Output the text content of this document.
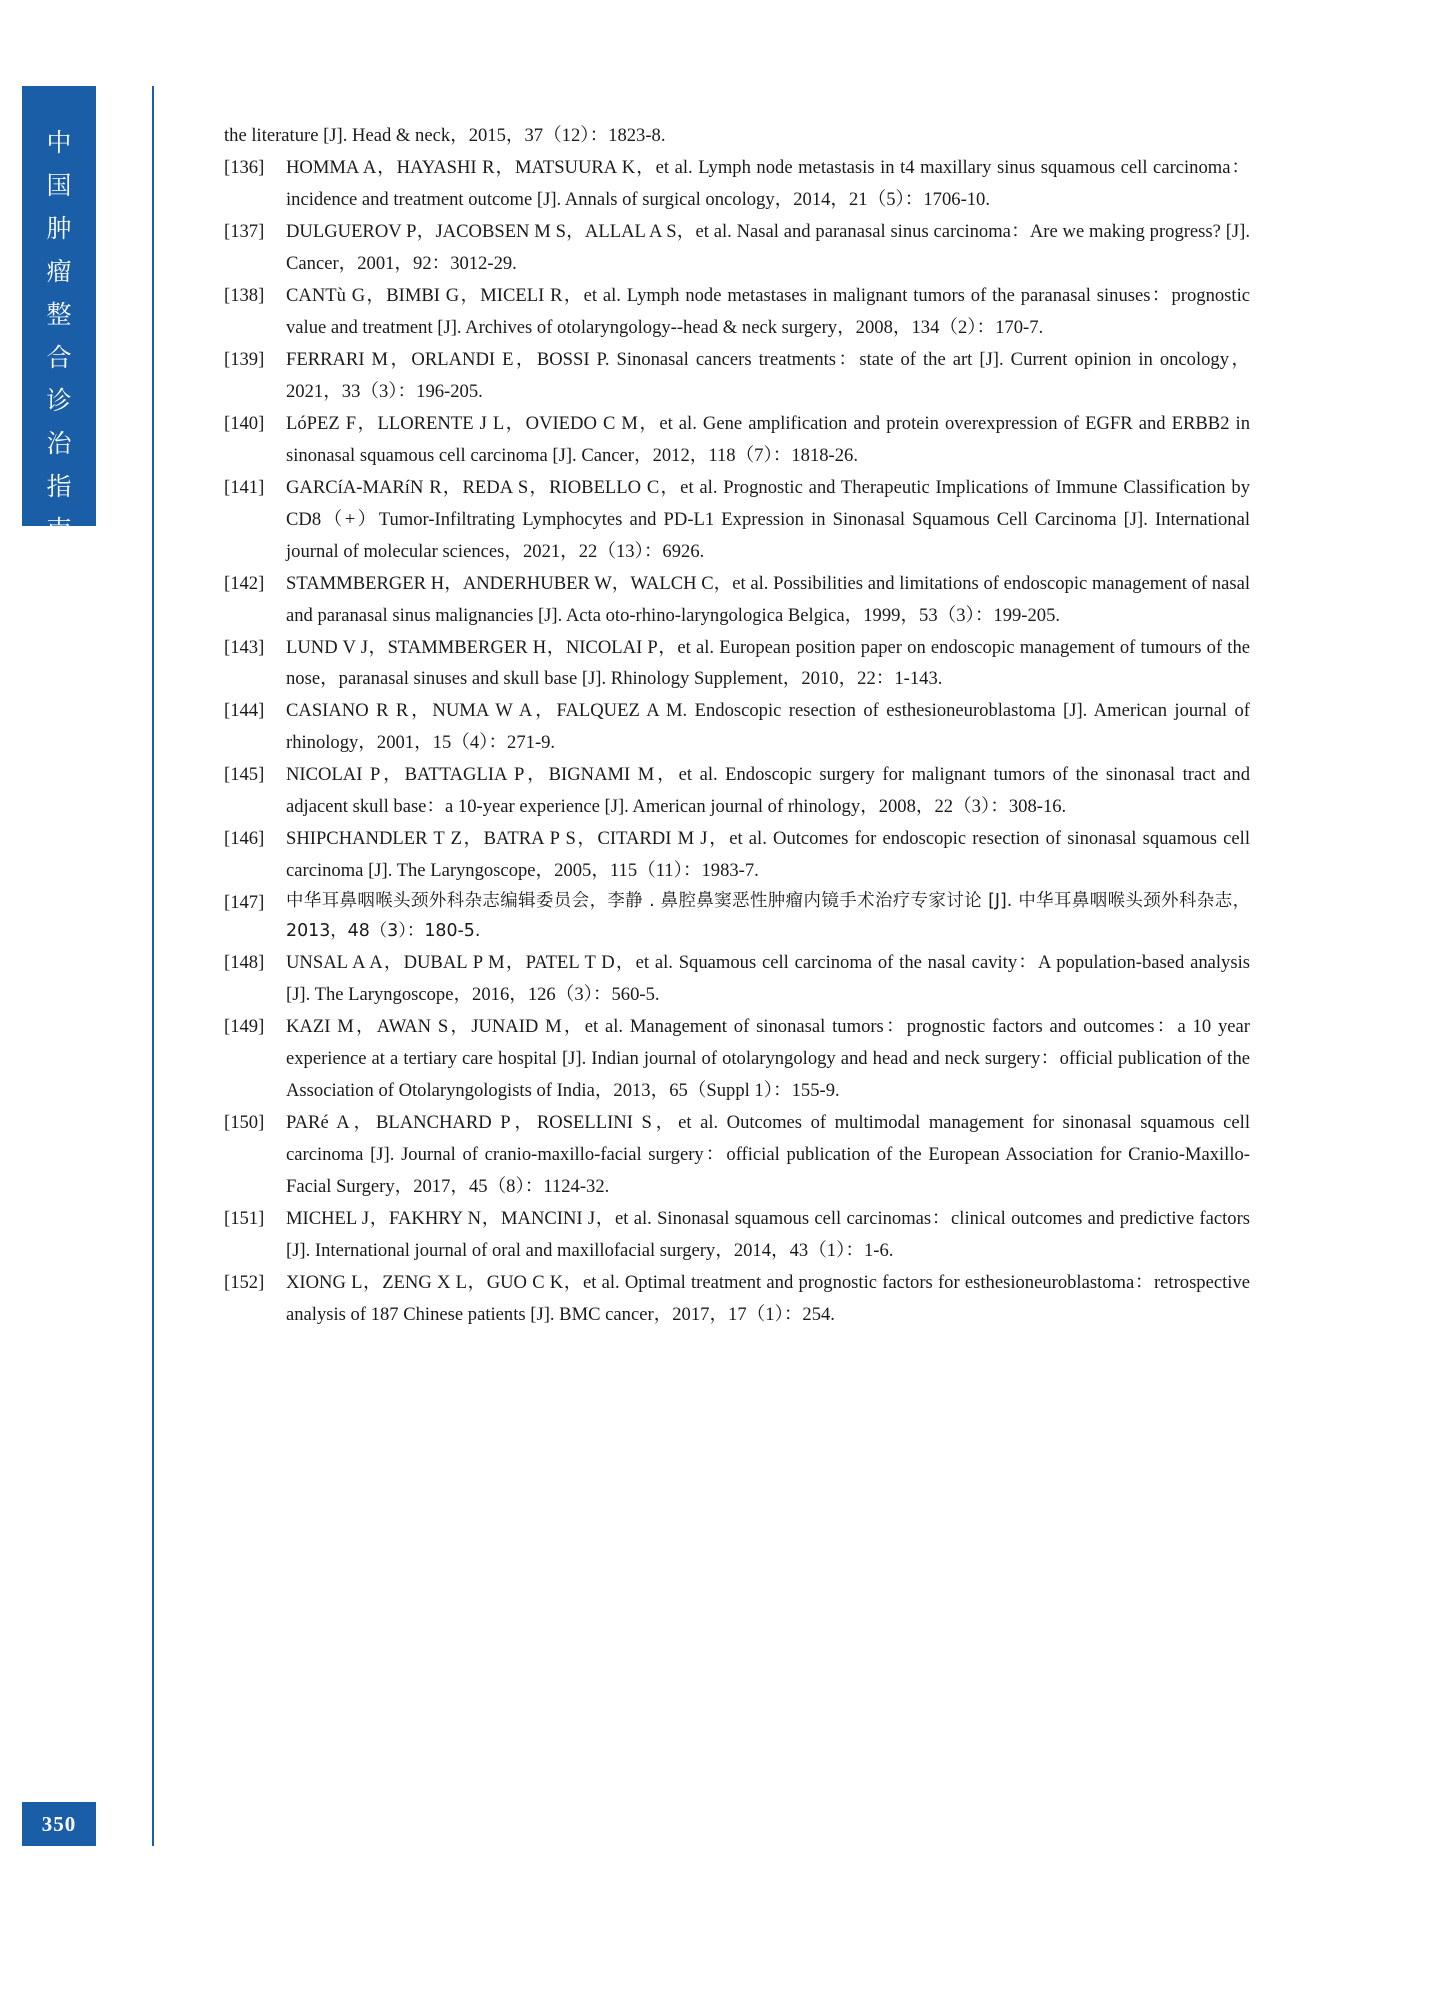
中
国
肿
瘤
整
合
诊
治
指
南
350
the literature [J]. Head & neck，2015，37（12）：1823-8.
[136]	HOMMA A，HAYASHI R，MATSUURA K，et al. Lymph node metastasis in t4 maxillary sinus squamous cell carcinoma：incidence and treatment outcome [J]. Annals of surgical oncology，2014，21（5）：1706-10.
[137]	DULGUEROV P，JACOBSEN M S，ALLAL A S，et al. Nasal and paranasal sinus carcinoma：Are we making progress? [J]. Cancer，2001，92：3012‐29.
[138]	CANTù G，BIMBI G，MICELI R，et al. Lymph node metastases in malignant tumors of the paranasal sinuses：prognostic value and treatment [J]. Archives of otolaryngology--head & neck surgery，2008，134（2）：170-7.
[139]	FERRARI M，ORLANDI E，BOSSI P. Sinonasal cancers treatments：state of the art [J]. Current opinion in oncology，2021，33（3）：196-205.
[140]	LóPEZ F，LLORENTE J L，OVIEDO C M，et al. Gene amplification and protein overexpression of EGFR and ERBB2 in sinonasal squamous cell carcinoma [J]. Cancer，2012，118（7）：1818-26.
[141]	GARCíA-MARíN R，REDA S，RIOBELLO C，et al. Prognostic and Therapeutic Implications of Immune Classification by CD8（+）Tumor-Infiltrating Lymphocytes and PD-L1 Expression in Sinonasal Squamous Cell Carcinoma [J]. International journal of molecular sciences，2021，22（13）：6926.
[142]	STAMMBERGER H，ANDERHUBER W，WALCH C，et al. Possibilities and limitations of endoscopic management of nasal and paranasal sinus malignancies [J]. Acta oto-rhino-laryngologica Belgica，1999，53（3）：199-205.
[143]	LUND V J，STAMMBERGER H，NICOLAI P，et al. European position paper on endoscopic management of tumours of the nose，paranasal sinuses and skull base [J]. Rhinology Supplement，2010，22：1-143.
[144]	CASIANO R R，NUMA W A，FALQUEZ A M. Endoscopic resection of esthesioneuroblastoma [J]. American journal of rhinology，2001，15（4）：271-9.
[145]	NICOLAI P，BATTAGLIA P，BIGNAMI M，et al. Endoscopic surgery for malignant tumors of the sinonasal tract and adjacent skull base：a 10-year experience [J]. American journal of rhinology，2008，22（3）：308-16.
[146]	SHIPCHANDLER T Z，BATRA P S，CITARDI M J，et al. Outcomes for endoscopic resection of sinonasal squamous cell carcinoma [J]. The Laryngoscope，2005，115（11）：1983-7.
[147]	中华耳鼻咽喉头颈外科杂志编辑委员会，李静 . 鼻腔鼻窦恶性肿瘤内镜手术治疗专家讨论 [J]. 中华耳鼻咽喉头颈外科杂志，2013，48（3）：180-5.
[148]	UNSAL A A，DUBAL P M，PATEL T D，et al. Squamous cell carcinoma of the nasal cavity：A population-based analysis [J]. The Laryngoscope，2016，126（3）：560-5.
[149]	KAZI M，AWAN S，JUNAID M，et al. Management of sinonasal tumors：prognostic factors and outcomes：a 10 year experience at a tertiary care hospital [J]. Indian journal of otolaryngology and head and neck surgery：official publication of the Association of Otolaryngologists of India，2013，65（Suppl 1）：155-9.
[150]	PARé A，BLANCHARD P，ROSELLINI S，et al. Outcomes of multimodal management for sinonasal squamous cell carcinoma [J]. Journal of cranio-maxillo-facial surgery：official publication of the European Association for Cranio-Maxillo-Facial Surgery，2017，45（8）：1124-32.
[151]	MICHEL J，FAKHRY N，MANCINI J，et al. Sinonasal squamous cell carcinomas：clinical outcomes and predictive factors [J]. International journal of oral and maxillofacial surgery，2014，43（1）：1-6.
[152]	XIONG L，ZENG X L，GUO C K，et al. Optimal treatment and prognostic factors for esthesioneuroblastoma：retrospective analysis of 187 Chinese patients [J]. BMC cancer，2017，17（1）：254.
